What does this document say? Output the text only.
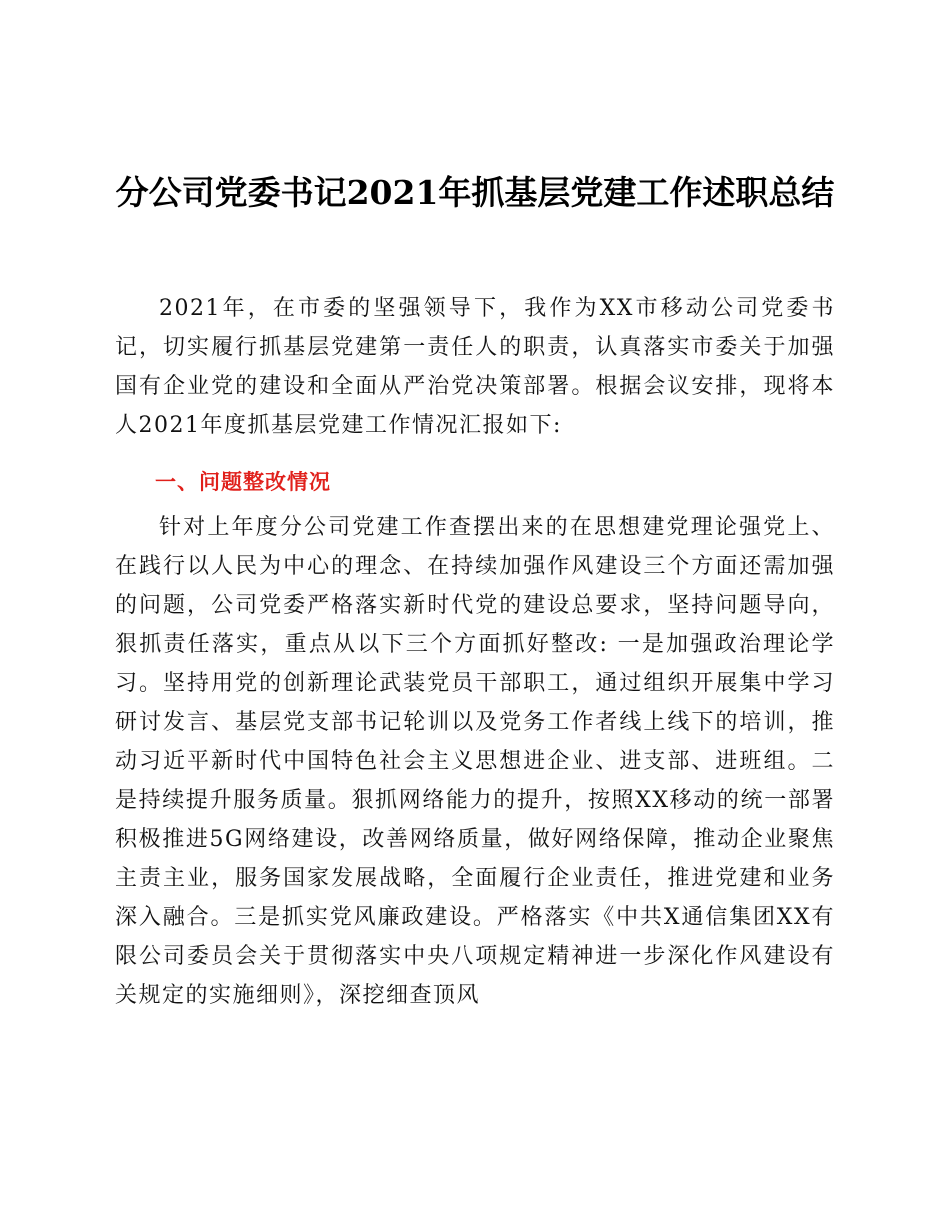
分公司党委书记2021年抓基层党建工作述职总结

2021年，在市委的坚强领导下，我作为XX市移动公司党委书记，切实履行抓基层党建第一责任人的职责，认真落实市委关于加强国有企业党的建设和全面从严治党决策部署。根据会议安排，现将本人2021年度抓基层党建工作情况汇报如下:

一、问题整改情况

针对上年度分公司党建工作查摆出来的在思想建党理论强党上、在践行以人民为中心的理念、在持续加强作风建设三个方面还需加强的问题，公司党委严格落实新时代党的建设总要求，坚持问题导向，狠抓责任落实，重点从以下三个方面抓好整改: 一是加强政治理论学习。坚持用党的创新理论武装党员干部职工，通过组织开展集中学习研讨发言、基层党支部书记轮训以及党务工作者线上线下的培训，推动习近平新时代中国特色社会主义思想进企业、进支部、进班组。二是持续提升服务质量。狠抓网络能力的提升，按照XX移动的统一部署积极推进5G网络建设，改善网络质量，做好网络保障，推动企业聚焦主责主业，服务国家发展战略，全面履行企业责任，推进党建和业务深入融合。三是抓实党风廉政建设。严格落实《中共X通信集团XX有限公司委员会关于贯彻落实中央八项规定精神进一步深化作风建设有关规定的实施细则》，深挖细查顶风
